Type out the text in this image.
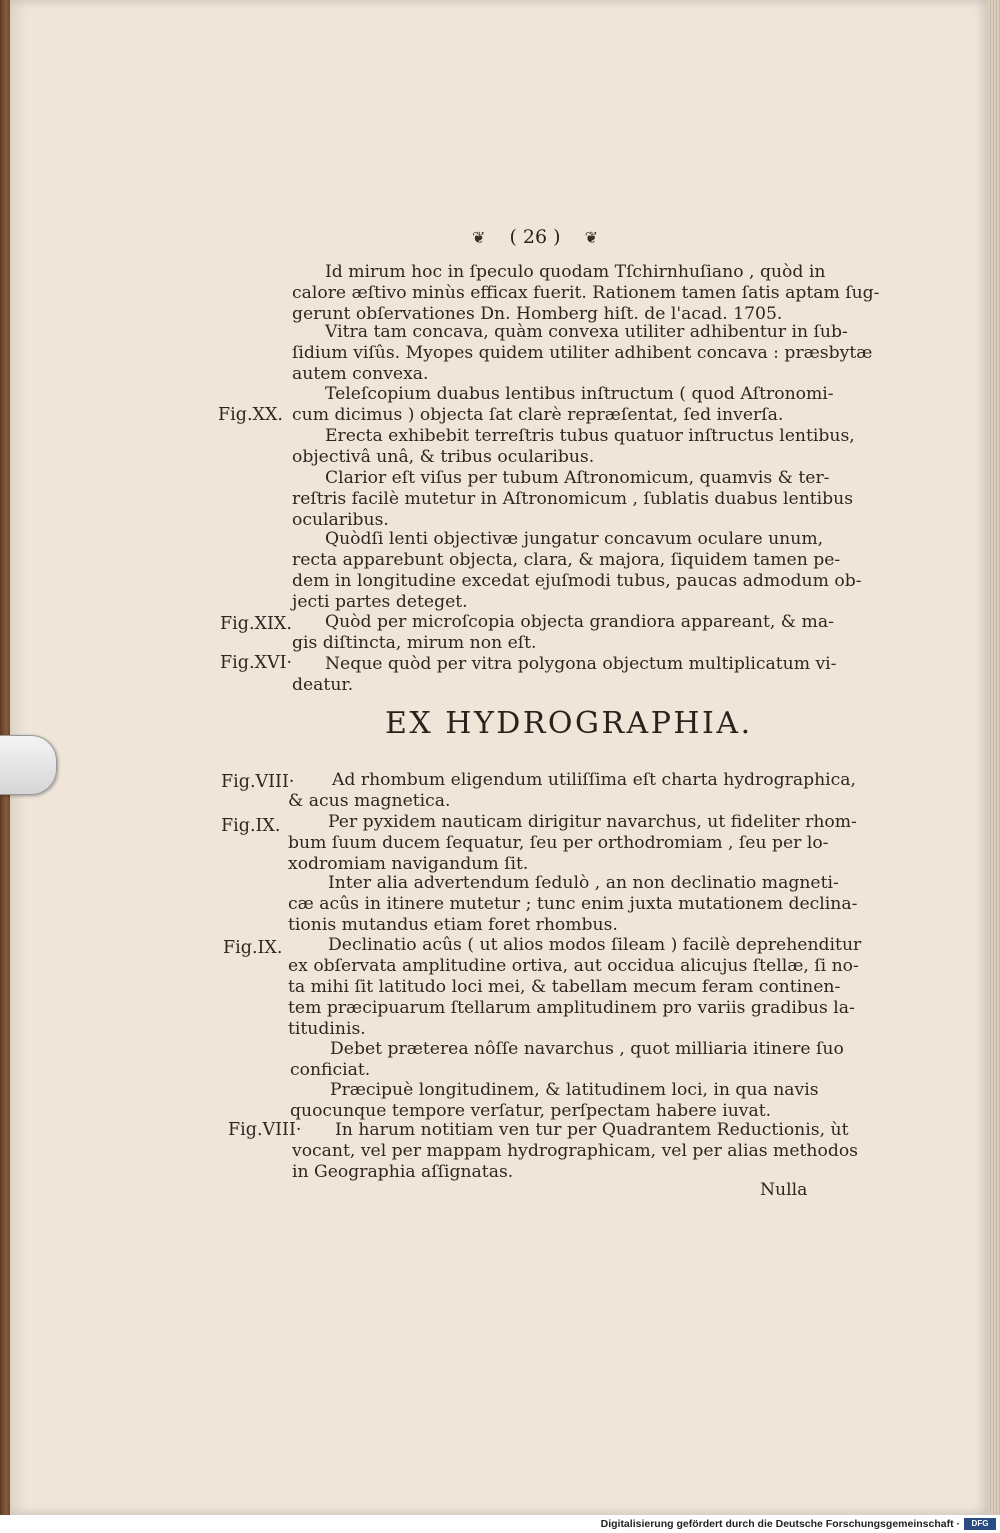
❦ ( 26 ) ❦
Id mirum hoc in ſpeculo quodam Tſchirnhuſiano , quòd in
calore æſtivo minùs efficax fuerit. Rationem tamen ſatis aptam ſug-
gerunt obſervationes Dn. Homberg hiſt. de l'acad. 1705.
Vitra tam concava, quàm convexa utiliter adhibentur in ſub-
ſidium viſûs. Myopes quidem utiliter adhibent concava : præsbytæ
autem convexa.
Teleſcopium duabus lentibus inſtructum ( quod Aſtronomi-
cum dicimus ) objecta ſat clarè repræſentat, ſed inverſa.
Erecta exhibebit terreſtris tubus quatuor inſtructus lentibus,
objectivâ unâ, & tribus ocularibus.
Clarior eſt viſus per tubum Aſtronomicum, quamvis & ter-
reſtris facilè mutetur in Aſtronomicum , ſublatis duabus lentibus
ocularibus.
Quòdſi lenti objectivæ jungatur concavum oculare unum,
recta apparebunt objecta, clara, & majora, ſiquidem tamen pe-
dem in longitudine excedat ejuſmodi tubus, paucas admodum ob-
jecti partes deteget.
Quòd per microſcopia objecta grandiora appareant, & ma-
gis diſtincta, mirum non eſt.
Neque quòd per vitra polygona objectum multiplicatum vi-
deatur.
EX HYDROGRAPHIA.
Ad rhombum eligendum utiliſſima eſt charta hydrographica,
& acus magnetica.
Per pyxidem nauticam dirigitur navarchus, ut fideliter rhom-
bum ſuum ducem ſequatur, ſeu per orthodromiam , ſeu per lo-
xodromiam navigandum ſit.
Inter alia advertendum ſedulò , an non declinatio magneti-
cæ acûs in itinere mutetur ; tunc enim juxta mutationem declina-
tionis mutandus etiam foret rhombus.
Declinatio acûs ( ut alios modos ſileam ) facilè deprehenditur
ex obſervata amplitudine ortiva, aut occidua alicujus ſtellæ, ſi no-
ta mihi ſit latitudo loci mei, & tabellam mecum feram continen-
tem præcipuarum ſtellarum amplitudinem pro variis gradibus la-
titudinis.
Debet præterea nôſſe navarchus , quot milliaria itinere ſuo
conficiat.
Præcipuè longitudinem, & latitudinem loci, in qua navis
quocunque tempore verſatur, perſpectam habere iuvat.
In harum notitiam ven tur per Quadrantem Reductionis, ùt
vocant, vel per mappam hydrographicam, vel per alias methodos
in Geographia aſſignatas.
Nulla
Fig.XX.
Fig.XIX.
Fig.XVI·
Fig.VIII·
Fig.IX.
Fig.IX.
Fig.VIII·
Digitalisierung gefördert durch die Deutsche Forschungsgemeinschaft ·	DFG
